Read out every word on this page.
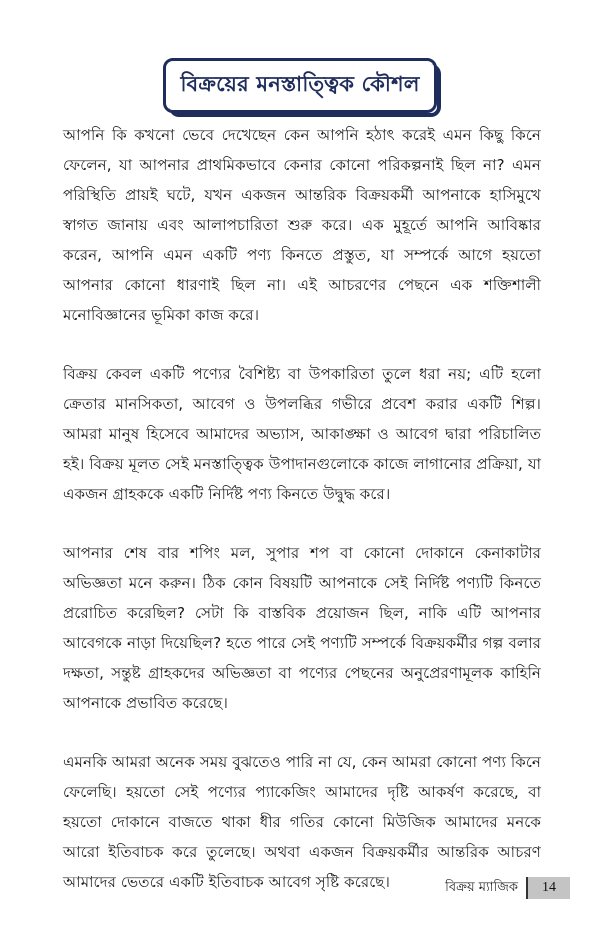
বিক্রয়ের মনস্তাত্ত্বিক কৌশল

আপনি কি কখনো ভেবে দেখেছেন কেন আপনি হঠাৎ করেই এমন কিছু কিনে ফেলেন, যা আপনার প্রাথমিকভাবে কেনার কোনো পরিকল্পনাই ছিল না? এমন পরিস্থিতি প্রায়ই ঘটে, যখন একজন আন্তরিক বিক্রয়কর্মী আপনাকে হাসিমুখে স্বাগত জানায় এবং আলাপচারিতা শুরু করে। এক মুহূর্তে আপনি আবিষ্কার করেন, আপনি এমন একটি পণ্য কিনতে প্রস্তুত, যা সম্পর্কে আগে হয়তো আপনার কোনো ধারণাই ছিল না। এই আচরণের পেছনে এক শক্তিশালী মনোবিজ্ঞানের ভূমিকা কাজ করে।

বিক্রয় কেবল একটি পণ্যের বৈশিষ্ট্য বা উপকারিতা তুলে ধরা নয়; এটি হলো ক্রেতার মানসিকতা, আবেগ ও উপলব্ধির গভীরে প্রবেশ করার একটি শিল্প। আমরা মানুষ হিসেবে আমাদের অভ্যাস, আকাঙ্ক্ষা ও আবেগ দ্বারা পরিচালিত হই। বিক্রয় মূলত সেই মনস্তাত্ত্বিক উপাদানগুলোকে কাজে লাগানোর প্রক্রিয়া, যা একজন গ্রাহককে একটি নির্দিষ্ট পণ্য কিনতে উদ্বুদ্ধ করে।

আপনার শেষ বার শপিং মল, সুপার শপ বা কোনো দোকানে কেনাকাটার অভিজ্ঞতা মনে করুন। ঠিক কোন বিষয়টি আপনাকে সেই নির্দিষ্ট পণ্যটি কিনতে প্ররোচিত করেছিল? সেটা কি বাস্তবিক প্রয়োজন ছিল, নাকি এটি আপনার আবেগকে নাড়া দিয়েছিল? হতে পারে সেই পণ্যটি সম্পর্কে বিক্রয়কর্মীর গল্প বলার দক্ষতা, সন্তুষ্ট গ্রাহকদের অভিজ্ঞতা বা পণ্যের পেছনের অনুপ্রেরণামূলক কাহিনি আপনাকে প্রভাবিত করেছে।

এমনকি আমরা অনেক সময় বুঝতেও পারি না যে, কেন আমরা কোনো পণ্য কিনে ফেলেছি। হয়তো সেই পণ্যের প্যাকেজিং আমাদের দৃষ্টি আকর্ষণ করেছে, বা হয়তো দোকানে বাজতে থাকা ধীর গতির কোনো মিউজিক আমাদের মনকে আরো ইতিবাচক করে তুলেছে। অথবা একজন বিক্রয়কর্মীর আন্তরিক আচরণ আমাদের ভেতরে একটি ইতিবাচক আবেগ সৃষ্টি করেছে।	বিক্রয় ম্যাজিক	14
